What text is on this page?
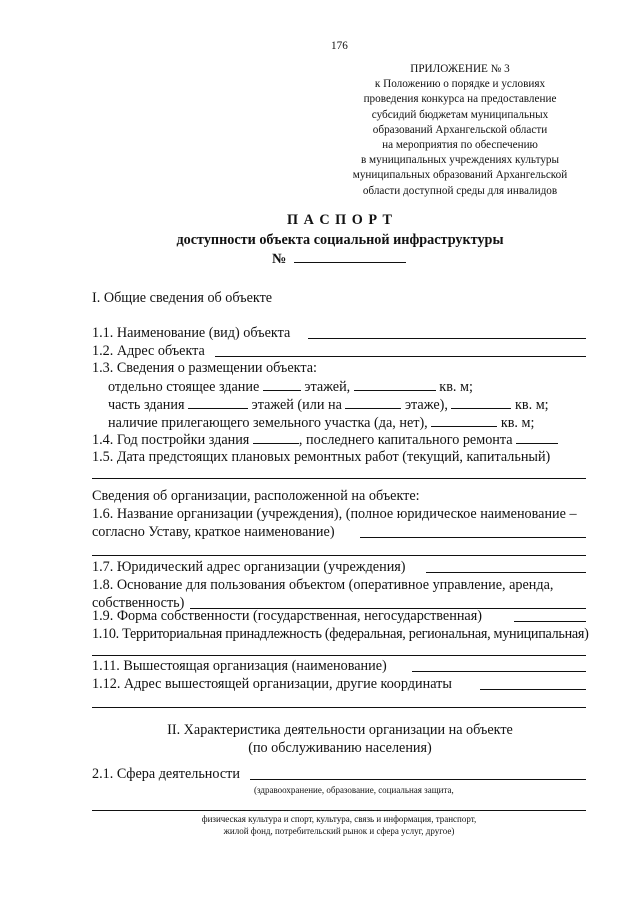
176
ПРИЛОЖЕНИЕ № 3
к Положению о порядке и условиях
проведения конкурса на предоставление
субсидий бюджетам муниципальных
образований Архангельской области
на мероприятия по обеспечению
в муниципальных учреждениях культуры
муниципальных образований Архангельской
области доступной среды для инвалидов
П А С П О Р Т
доступности объекта социальной инфраструктуры
№
I. Общие сведения об объекте
1.1. Наименование (вид) объекта
1.2. Адрес объекта
1.3. Сведения о размещении объекта:
отдельно стоящее здание	этажей,	кв. м;
часть здания	этажей (или на	этаже),	кв. м;
наличие прилегающего земельного участка (да, нет),	кв. м;
1.4. Год постройки здания	, последнего капитального ремонта
1.5. Дата предстоящих плановых ремонтных работ (текущий, капитальный)
Сведения об организации, расположенной на объекте:
1.6. Название организации (учреждения), (полное юридическое наименование –
согласно Уставу, краткое наименование)
1.7. Юридический адрес организации (учреждения)
1.8. Основание для пользования объектом (оперативное управление, аренда,
собственность)
1.9. Форма собственности (государственная, негосударственная)
1.10. Территориальная принадлежность (федеральная, региональная, муниципальная)
1.11. Вышестоящая организация (наименование)
1.12. Адрес вышестоящей организации, другие координаты
II. Характеристика деятельности организации на объекте
(по обслуживанию населения)
2.1. Сфера деятельности
(здравоохранение, образование, социальная защита,
физическая культура и спорт, культура, связь и информация, транспорт,
жилой фонд, потребительский рынок и сфера услуг, другое)
